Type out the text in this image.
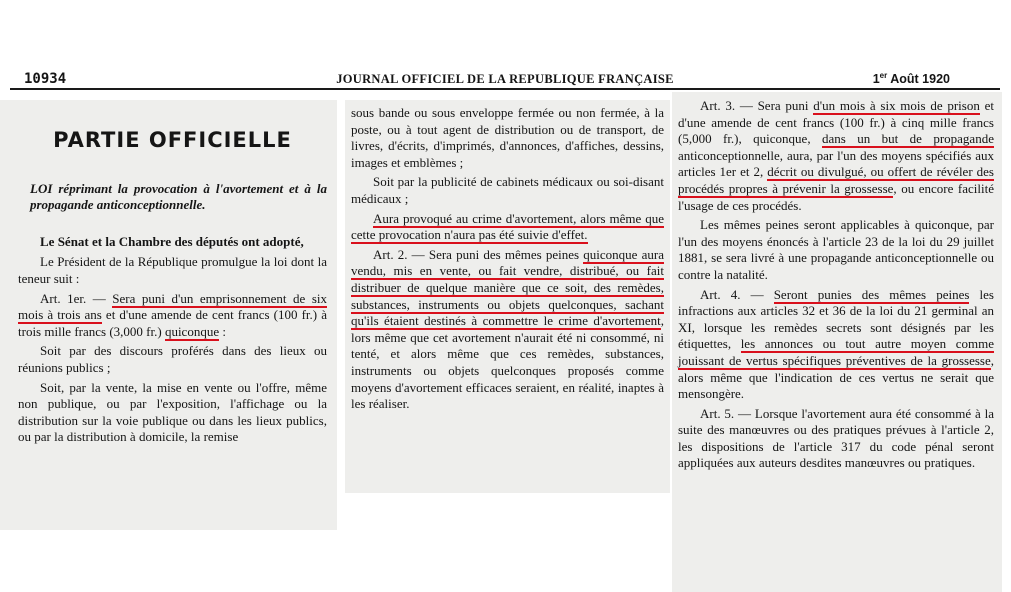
10934	JOURNAL OFFICIEL DE LA REPUBLIQUE FRANÇAISE	1er Août 1920

PARTIE OFFICIELLE

LOI réprimant la provocation à l'avortement et à la propagande anticonceptionnelle.

Le Sénat et la Chambre des députés ont adopté,

Le Président de la République promulgue la loi dont la teneur suit :

Art. 1er. — Sera puni d'un emprisonnement de six mois à trois ans et d'une amende de cent francs (100 fr.) à trois mille francs (3,000 fr.) quiconque :

Soit par des discours proférés dans des lieux ou réunions publics ;

Soit, par la vente, la mise en vente ou l'offre, même non publique, ou par l'exposition, l'affichage ou la distribution sur la voie publique ou dans les lieux publics, ou par la distribution à domicile, la remise

sous bande ou sous enveloppe fermée ou non fermée, à la poste, ou à tout agent de distribution ou de transport, de livres, d'écrits, d'imprimés, d'annonces, d'affiches, dessins, images et emblèmes ;

Soit par la publicité de cabinets médicaux ou soi-disant médicaux ;

Aura provoqué au crime d'avortement, alors même que cette provocation n'aura pas été suivie d'effet.

Art. 2. — Sera puni des mêmes peines quiconque aura vendu, mis en vente, ou fait vendre, distribué, ou fait distribuer de quelque manière que ce soit, des remèdes, substances, instruments ou objets quelconques, sachant qu'ils étaient destinés à commettre le crime d'avortement, lors même que cet avortement n'aurait été ni consommé, ni tenté, et alors même que ces remèdes, substances, instruments ou objets quelconques proposés comme moyens d'avortement efficaces seraient, en réalité, inaptes à les réaliser.

Art. 3. — Sera puni d'un mois à six mois de prison et d'une amende de cent francs (100 fr.) à cinq mille francs (5,000 fr.), quiconque, dans un but de propagande anticonceptionnelle, aura, par l'un des moyens spécifiés aux articles 1er et 2, décrit ou divulgué, ou offert de révéler des procédés propres à prévenir la grossesse, ou encore facilité l'usage de ces procédés.

Les mêmes peines seront applicables à quiconque, par l'un des moyens énoncés à l'article 23 de la loi du 29 juillet 1881, se sera livré à une propagande anticonceptionnelle ou contre la natalité.

Art. 4. — Seront punies des mêmes peines les infractions aux articles 32 et 36 de la loi du 21 germinal an XI, lorsque les remèdes secrets sont désignés par les étiquettes, les annonces ou tout autre moyen comme jouissant de vertus spécifiques préventives de la grossesse, alors même que l'indication de ces vertus ne serait que mensongère.

Art. 5. — Lorsque l'avortement aura été consommé à la suite des manœuvres ou des pratiques prévues à l'article 2, les dispositions de l'article 317 du code pénal seront appliquées aux auteurs desdites manœuvres ou pratiques.
